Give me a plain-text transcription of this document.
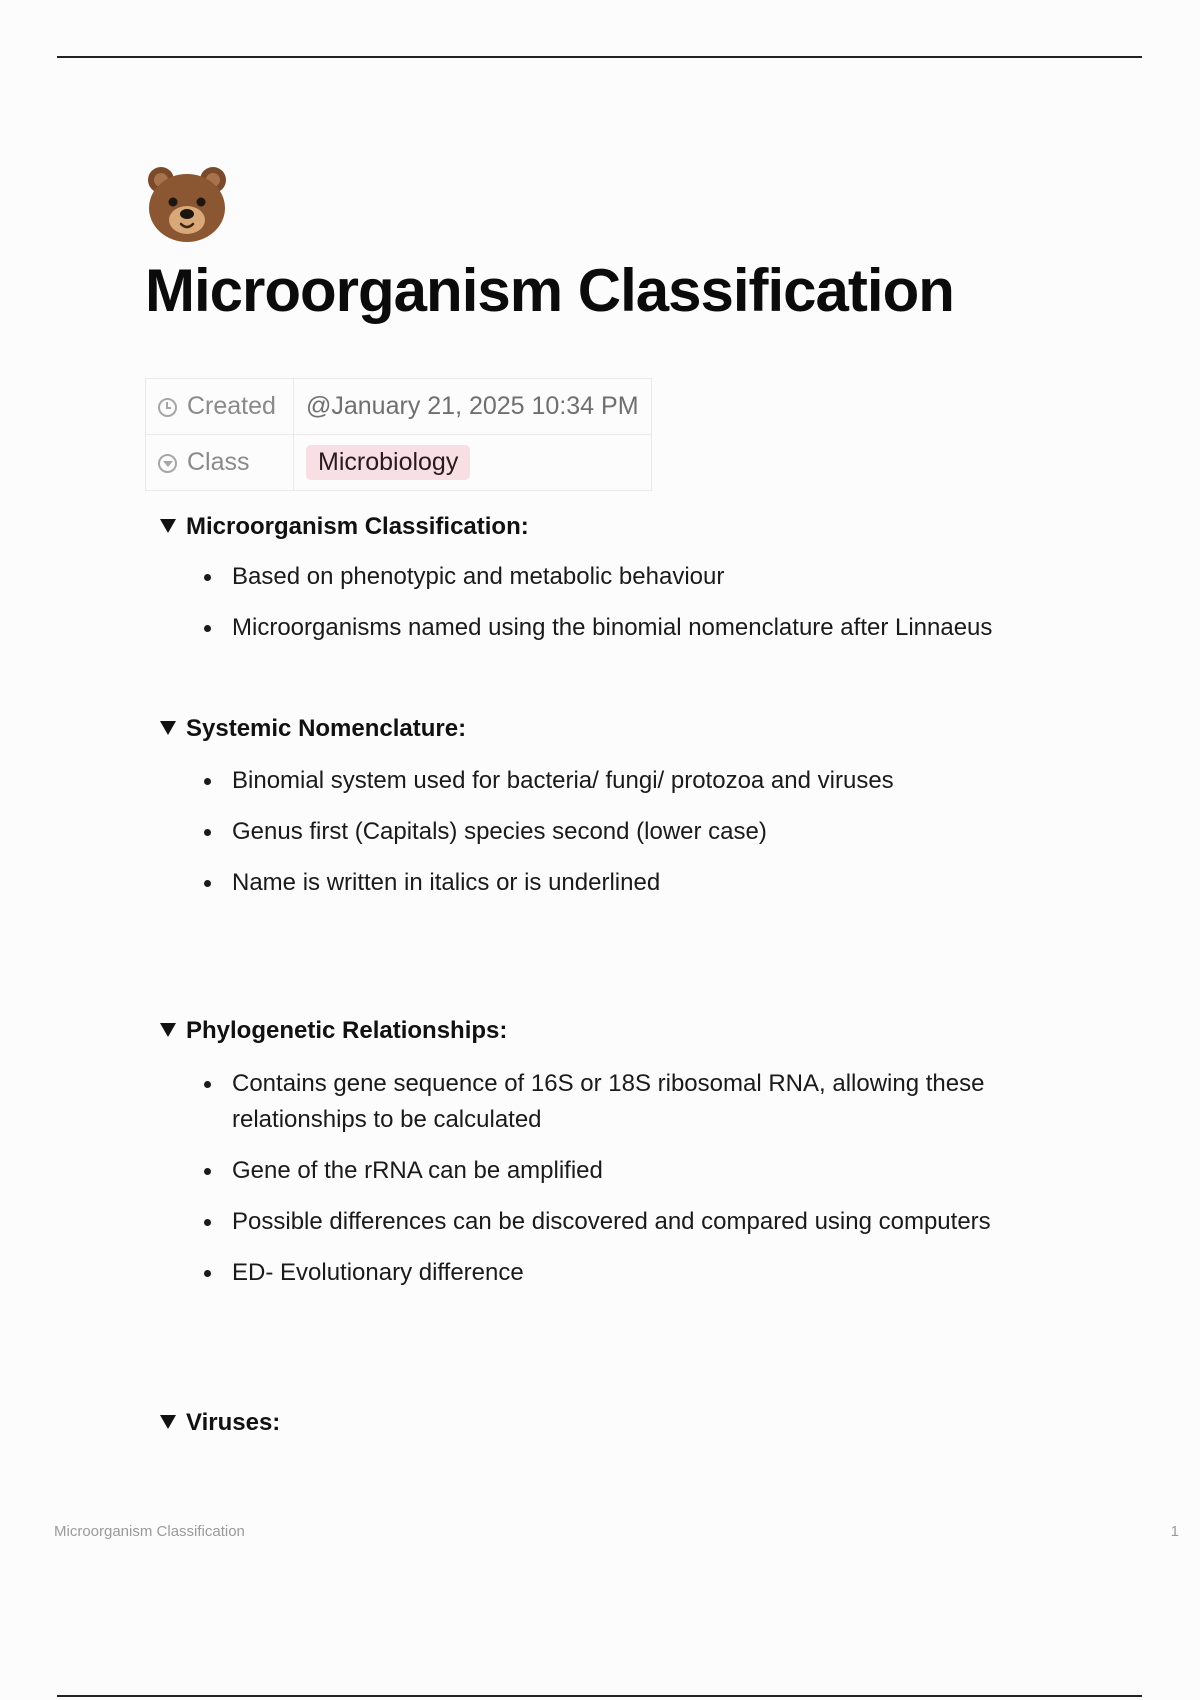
Microorganism Classification
Created	@January 21, 2025 10:34 PM
Class	Microbiology
Microorganism Classification:
Based on phenotypic and metabolic behaviour
Microorganisms named using the binomial nomenclature after Linnaeus
Systemic Nomenclature:
Binomial system used for bacteria/ fungi/ protozoa and viruses
Genus first (Capitals) species second (lower case)
Name is written in italics or is underlined
Phylogenetic Relationships:
Contains gene sequence of 16S or 18S ribosomal RNA, allowing these relationships to be calculated
Gene of the rRNA can be amplified
Possible differences can be discovered and compared using computers
ED- Evolutionary difference
Viruses:
Microorganism Classification	1
